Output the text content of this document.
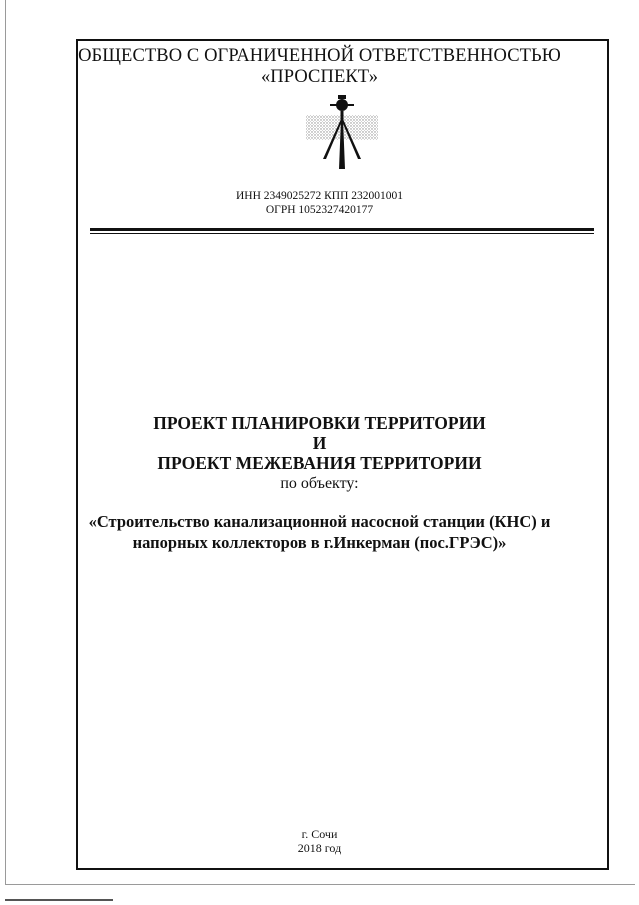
ОБЩЕСТВО С ОГРАНИЧЕННОЙ ОТВЕТСТВЕННОСТЬЮ
«ПРОСПЕКТ»
ИНН 2349025272 КПП 232001001
ОГРН 1052327420177
ПРОЕКТ ПЛАНИРОВКИ ТЕРРИТОРИИ
И
ПРОЕКТ МЕЖЕВАНИЯ ТЕРРИТОРИИ
по объекту:
«Строительство канализационной насосной станции (КНС) и
напорных коллекторов в г.Инкерман (пос.ГРЭС)»
г. Сочи
2018 год
